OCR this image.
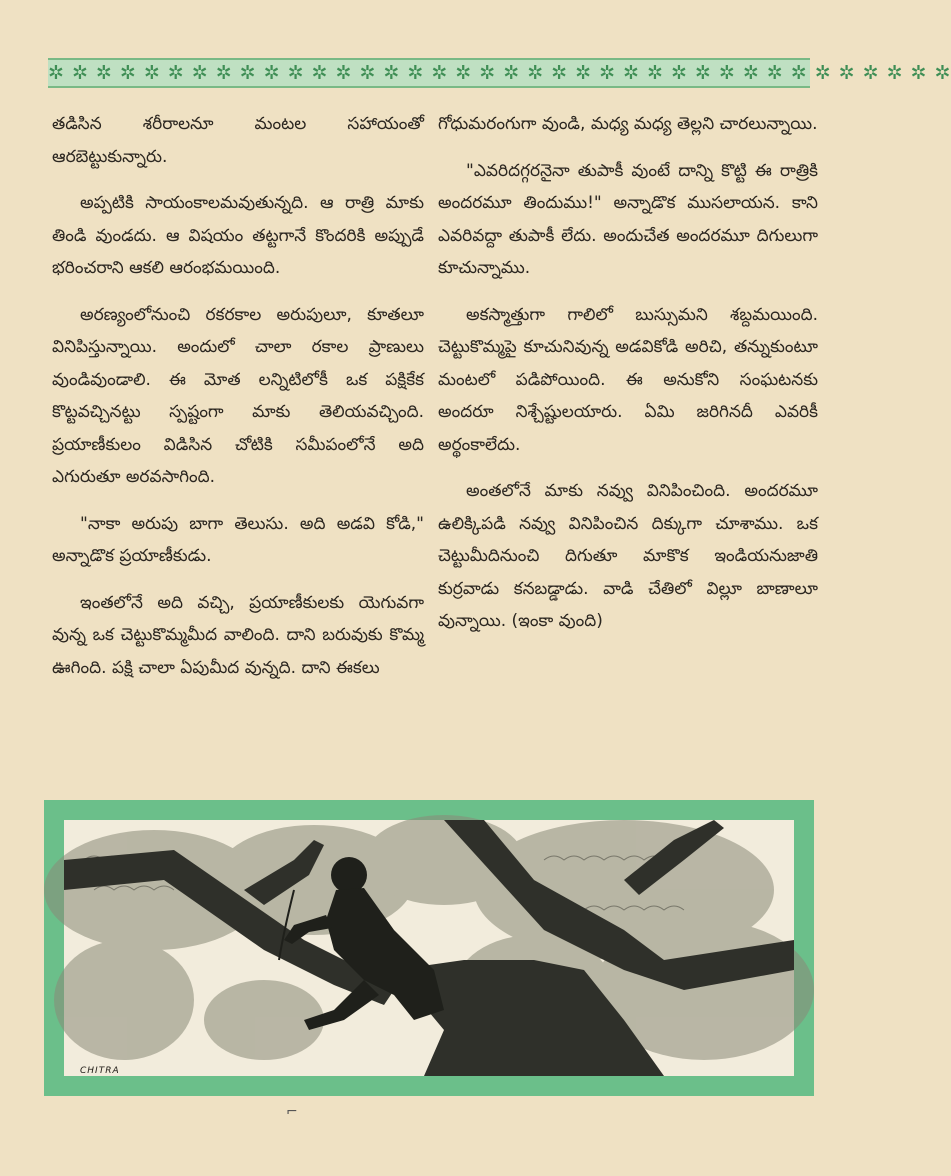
✲ ✲ ✲ ✲ ✲ ✲ ✲ ✲ ✲ ✲ ✲ ✲ ✲ ✲ ✲ ✲ ✲ ✲ ✲ ✲ ✲ ✲ ✲ ✲ ✲ ✲ ✲ ✲ ✲ ✲ ✲ ✲ ✲ ✲ ✲ ✲ ✲ ✲

తడిసిన శరీరాలనూ మంటల సహాయంతో ఆరబెట్టుకున్నారు.

అప్పటికి సాయంకాలమవుతున్నది. ఆ రాత్రి మాకు తిండి వుండదు. ఆ విషయం తట్టగానే కొందరికి అప్పుడే భరించరాని ఆకలి ఆరంభమయింది.

అరణ్యంలోనుంచి రకరకాల అరుపులూ, కూతలూ వినిపిస్తున్నాయి. అందులో చాలా రకాల ప్రాణులు వుండివుండాలి. ఈ మోత లన్నిటిలోకీ ఒక పక్షికేక కొట్టవచ్చినట్టు స్పష్టంగా మాకు తెలియవచ్చింది. ప్రయాణీకులం విడిసిన చోటికి సమీపంలోనే అది ఎగురుతూ అరవసాగింది.

"నాకా అరుపు బాగా తెలుసు. అది అడవి కోడి," అన్నాడొక ప్రయాణీకుడు.

ఇంతలోనే అది వచ్చి, ప్రయాణీకులకు యెగువగా వున్న ఒక చెట్టుకొమ్మమీద వాలింది. దాని బరువుకు కొమ్మ ఊగింది. పక్షి చాలా ఏపుమీద వున్నది. దాని ఈకలు

గోధుమరంగుగా వుండి, మధ్య మధ్య తెల్లని చారలున్నాయి.

"ఎవరిదగ్గరనైనా తుపాకీ వుంటే దాన్ని కొట్టి ఈ రాత్రికి అందరమూ తిందుము!" అన్నాడొక ముసలాయన. కాని ఎవరివద్దా తుపాకీ లేదు. అందుచేత అందరమూ దిగులుగా కూచున్నాము.

అకస్మాత్తుగా గాలిలో బుస్సుమని శబ్దమయింది. చెట్టుకొమ్మపై కూచునివున్న అడవికోడి అరిచి, తన్నుకుంటూ మంటలో పడిపోయింది. ఈ అనుకోని సంఘటనకు అందరూ నిశ్చేష్టులయారు. ఏమి జరిగినదీ ఎవరికీ అర్థంకాలేదు.

అంతలోనే మాకు నవ్వు వినిపించింది. అందరమూ ఉలిక్కిపడి నవ్వు వినిపించిన దిక్కుగా చూశాము. ఒక చెట్టుమీదినుంచి దిగుతూ మాకొక ఇండియనుజాతి కుర్రవాడు కనబడ్డాడు. వాడి చేతిలో విల్లూ బాణాలూ వున్నాయి. (ఇంకా వుంది)

CHITRA
⌐
